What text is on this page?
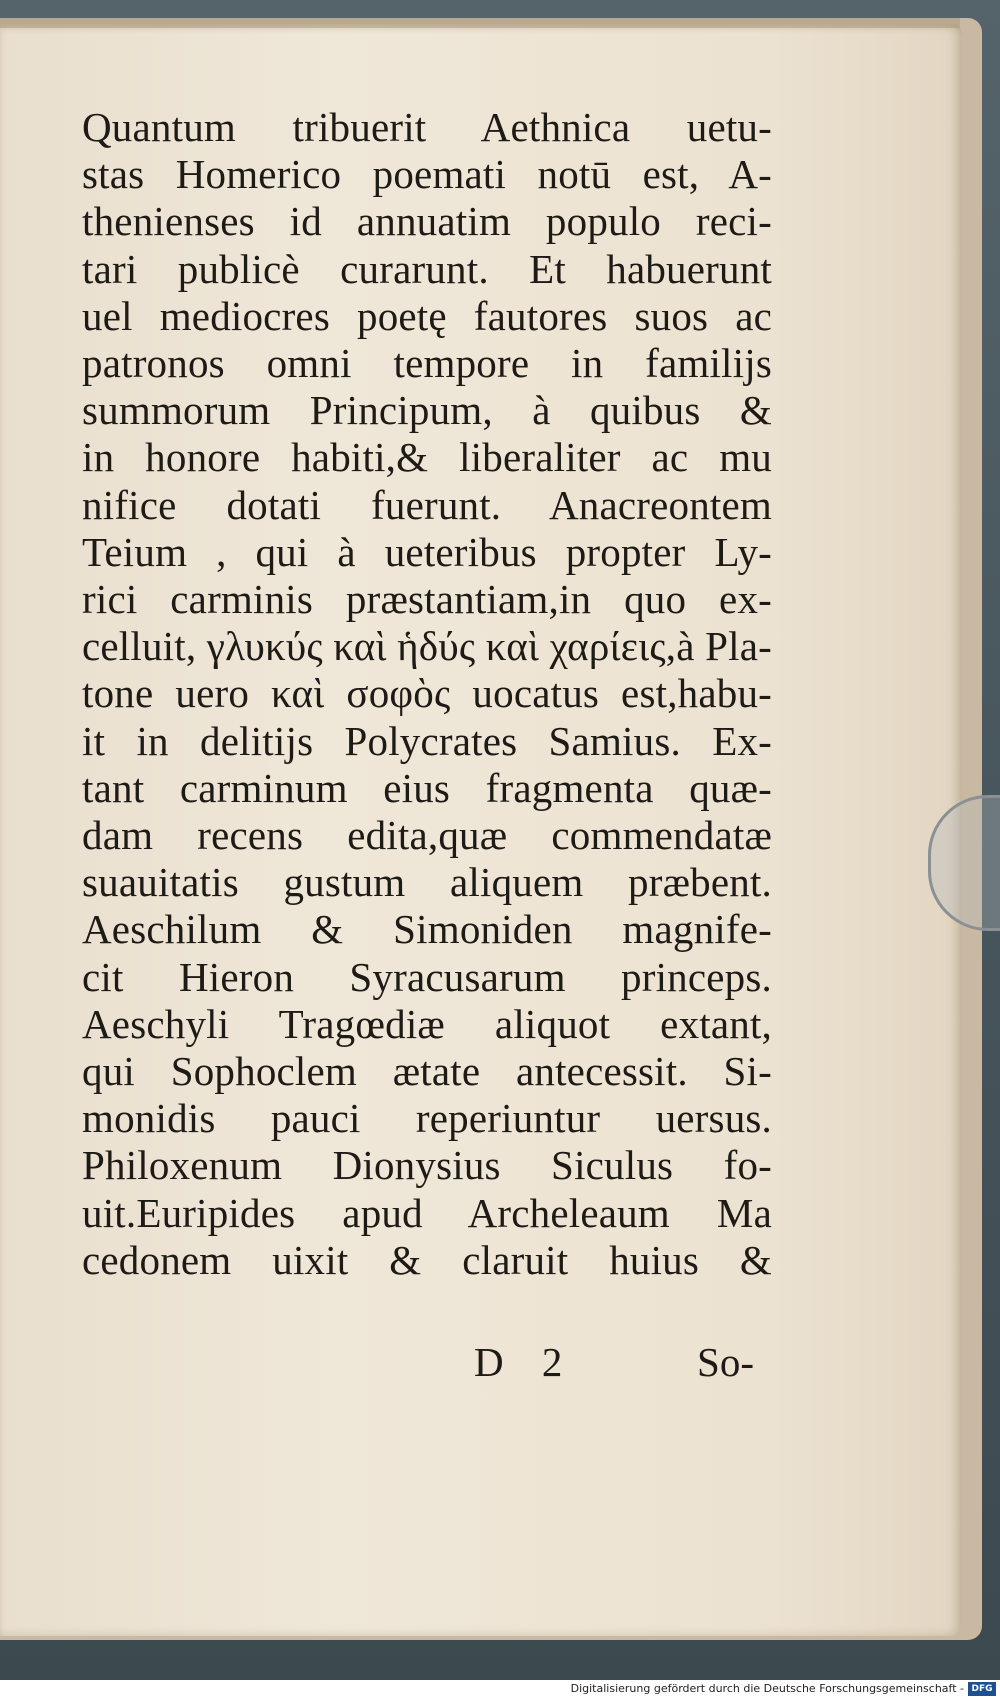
Quantum tribuerit Aethnica uetu-
stas Homerico poemati notū est, A-
thenienses id annuatim populo reci-
tari publicè curarunt. Et habuerunt
uel mediocres poetę fautores suos ac
patronos omni tempore in familijs
summorum Principum, à quibus &
in honore habiti,& liberaliter ac mu
nifice dotati fuerunt. Anacreontem
Teium , qui à ueteribus propter Ly-
rici carminis præstantiam,in quo ex-
celluit, γλυκύς καὶ ἡδύς καὶ χαρίεις,à Pla-
tone uero καὶ σοφὸς uocatus est,habu-
it in delitijs Polycrates Samius. Ex-
tant carminum eius fragmenta quæ-
dam recens edita,quæ commendatæ
suauitatis gustum aliquem præbent.
Aeschilum & Simoniden magnife-
cit Hieron Syracusarum princeps.
Aeschyli Tragœdiæ aliquot extant,
qui Sophoclem ætate antecessit. Si-
monidis pauci reperiuntur uersus.
Philoxenum Dionysius Siculus fo-
uit.Euripides apud Archeleaum Ma
cedonem uixit & claruit huius &
D 2	So-
Digitalisierung gefördert durch die Deutsche Forschungsgemeinschaft - DFG
